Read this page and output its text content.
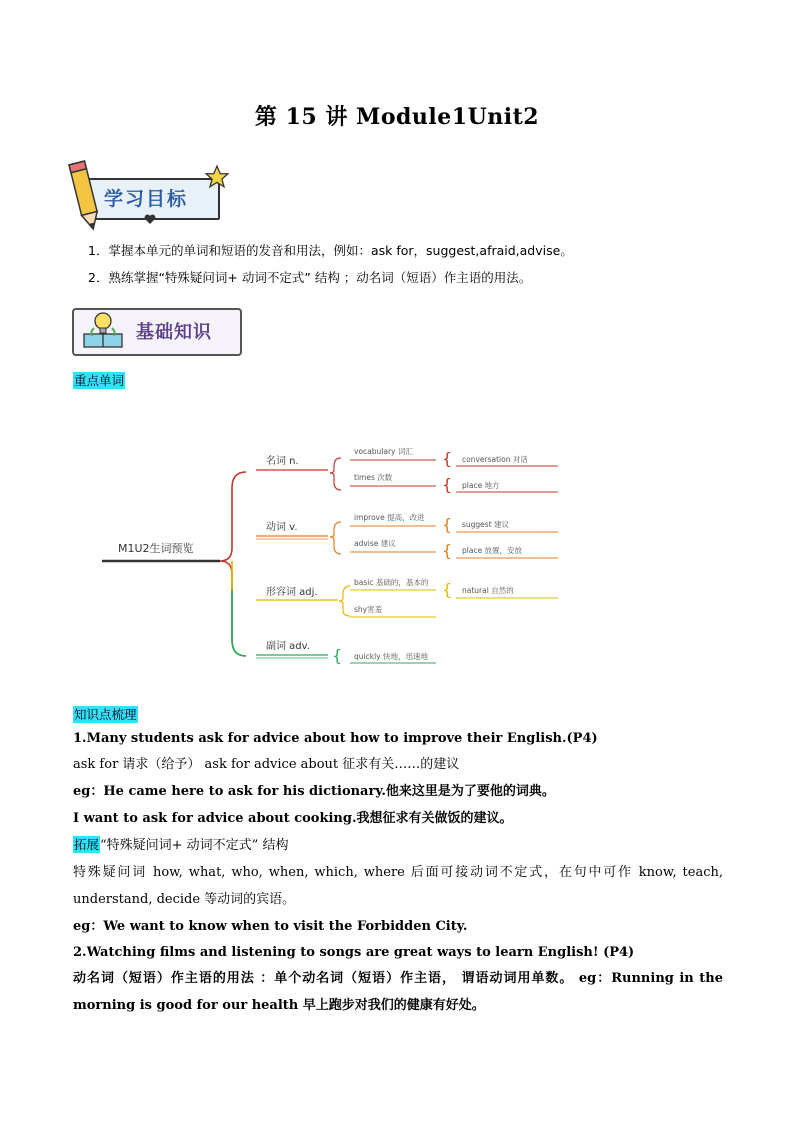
第 15 讲 Module1Unit2
学习目标
1．掌握本单元的单词和短语的发音和用法，例如：ask for，suggest,afraid,advise。
2．熟练掌握“特殊疑问词+ 动词不定式” 结构 ；动名词（短语）作主语的用法。
基础知识
重点单词
M1U2生词预览
名词 n.
vocabulary 词汇
times 次数
{
{
conversation 对话
place 地方
动词 v.
improve 提高，改进
advise 建议
{
{
suggest 建议
place 放置，安放
形容词 adj.
basic 基础的，基本的
shy害羞
{ natural 自然的
副词 adv. { quickly 快地，迅速地
知识点梳理
1.Many students ask for advice about how to improve their English.(P4)
ask for 请求（给予） ask for advice about 征求有关……的建议
eg：He came here to ask for his dictionary.他来这里是为了要他的词典。
I want to ask for advice about cooking.我想征求有关做饭的建议。
拓展“特殊疑问词+ 动词不定式” 结构
特殊疑问词 how, what, who, when, which, where 后面可接动词不定式，在句中可作 know, teach, understand, decide 等动词的宾语。
eg：We want to know when to visit the Forbidden City.
2.Watching films and listening to songs are great ways to learn English! (P4)
动名词（短语）作主语的用法 ：单个动名词（短语）作主语， 谓语动词用单数。 eg：Running in the morning is good for our health 早上跑步对我们的健康有好处。
